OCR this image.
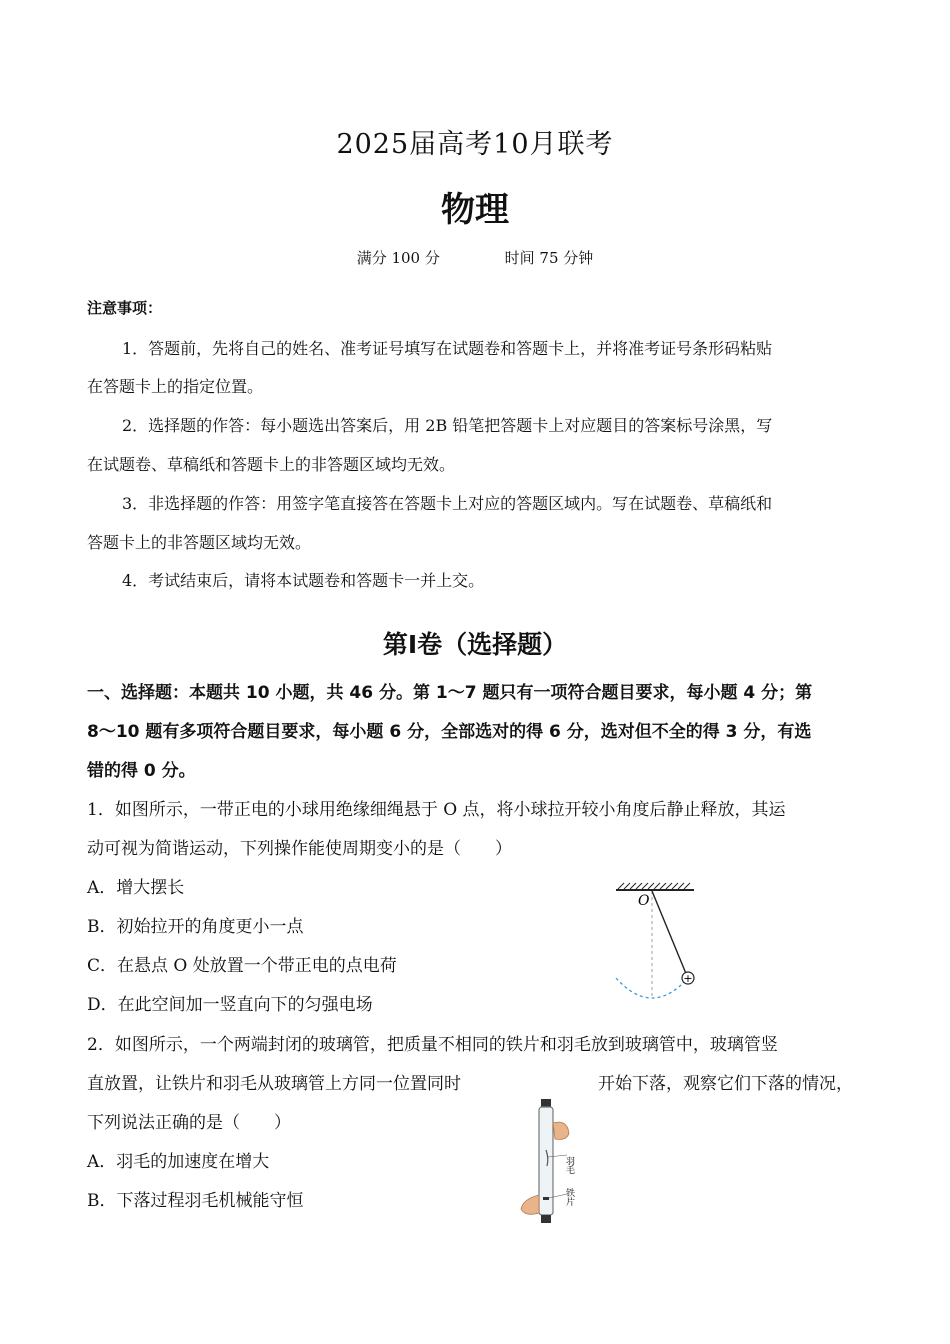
2025届高考10月联考
物理
满分 100 分	时间 75 分钟
注意事项：
1．答题前，先将自己的姓名、准考证号填写在试题卷和答题卡上，并将准考证号条形码粘贴
在答题卡上的指定位置。
2．选择题的作答：每小题选出答案后，用 2B 铅笔把答题卡上对应题目的答案标号涂黑，写
在试题卷、草稿纸和答题卡上的非答题区域均无效。
3．非选择题的作答：用签字笔直接答在答题卡上对应的答题区域内。写在试题卷、草稿纸和
答题卡上的非答题区域均无效。
4．考试结束后，请将本试题卷和答题卡一并上交。
第Ⅰ卷（选择题）
一、选择题：本题共 10 小题，共 46 分。第 1～7 题只有一项符合题目要求，每小题 4 分；第
8～10 题有多项符合题目要求，每小题 6 分，全部选对的得 6 分，选对但不全的得 3 分，有选
错的得 0 分。
1．如图所示，一带正电的小球用绝缘细绳悬于 O 点，将小球拉开较小角度后静止释放，其运
动可视为简谐运动，下列操作能使周期变小的是（　　）
A．增大摆长
B．初始拉开的角度更小一点
C．在悬点 O 处放置一个带正电的点电荷
D．在此空间加一竖直向下的匀强电场
+
O
2．如图所示，一个两端封闭的玻璃管，把质量不相同的铁片和羽毛放到玻璃管中，玻璃管竖
直放置，让铁片和羽毛从玻璃管上方同一位置同时	开始下落，观察它们下落的情况，
下列说法正确的是（　　）
A．羽毛的加速度在增大
B．下落过程羽毛机械能守恒
羽毛
铁片
